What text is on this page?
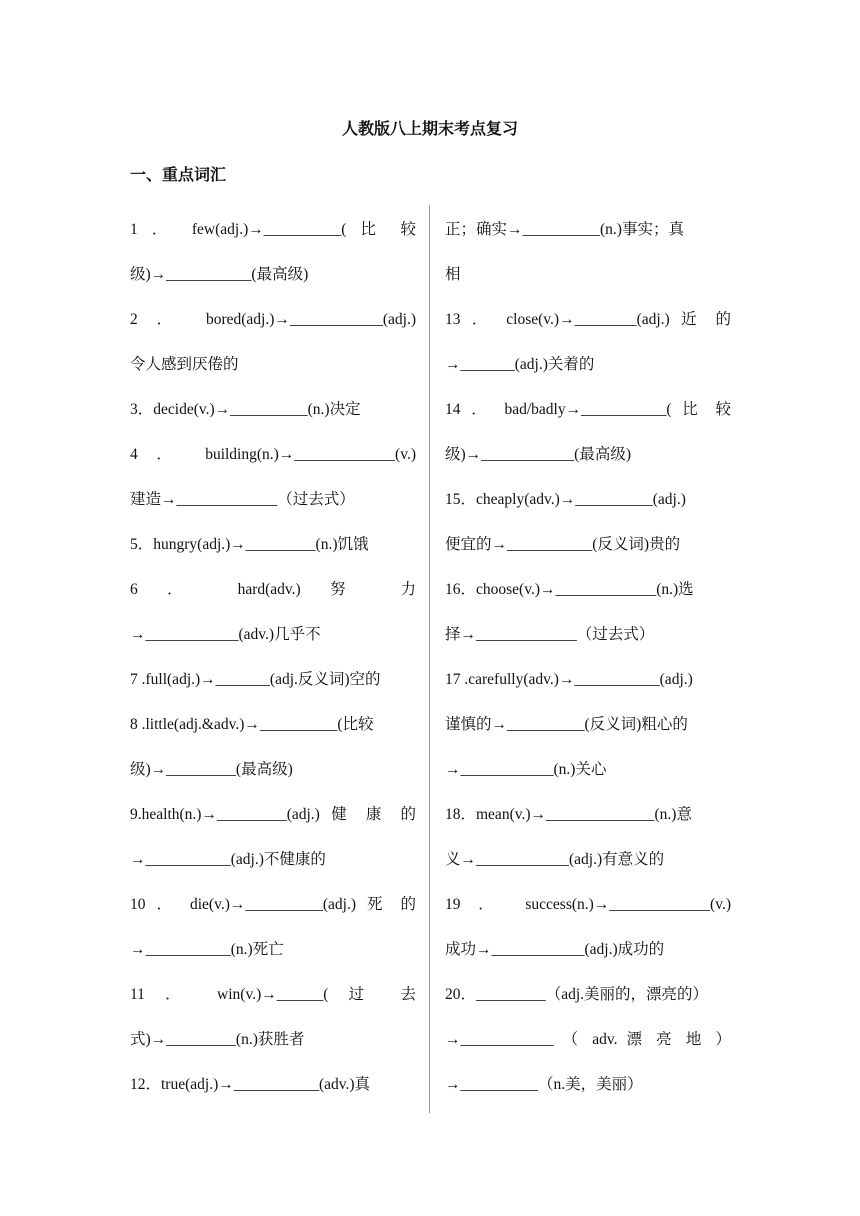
人教版八上期末考点复习
一、重点词汇
1 ． few(adj.)→__________( 比 较
级)→___________(最高级)
2 ． bored(adj.)→____________(adj.)
令人感到厌倦的
3．decide(v.)→__________(n.)决定
4 ． building(n.)→_____________(v.)
建造→_____________（过去式）
5．hungry(adj.)→_________(n.)饥饿
6 ． hard(adv.) 努 力
→____________(adv.)几乎不
7 .full(adj.)→_______(adj.反义词)空的
8 .little(adj.&adv.)→__________(比较
级)→_________(最高级)
9.health(n.)→_________(adj.) 健 康 的
→___________(adj.)不健康的
10 ． die(v.)→__________(adj.) 死 的
→___________(n.)死亡
11 ． win(v.)→______( 过 去
式)→_________(n.)获胜者
12．true(adj.)→___________(adv.)真
正；确实→__________(n.)事实；真
相
13 ． close(v.)→________(adj.) 近 的
→_______(adj.)关着的
14 ． bad/badly→___________( 比 较
级)→____________(最高级)
15．cheaply(adv.)→__________(adj.)
便宜的→___________(反义词)贵的
16．choose(v.)→_____________(n.)选
择→_____________（过去式）
17 .carefully(adv.)→___________(adj.)
谨慎的→__________(反义词)粗心的
→____________(n.)关心
18．mean(v.)→______________(n.)意
义→____________(adj.)有意义的
19 ． success(n.)→_____________(v.)
成功→____________(adj.)成功的
20．_________（adj.美丽的，漂亮的）
→____________ （ adv. 漂 亮 地 ）
→__________（n.美，美丽）
